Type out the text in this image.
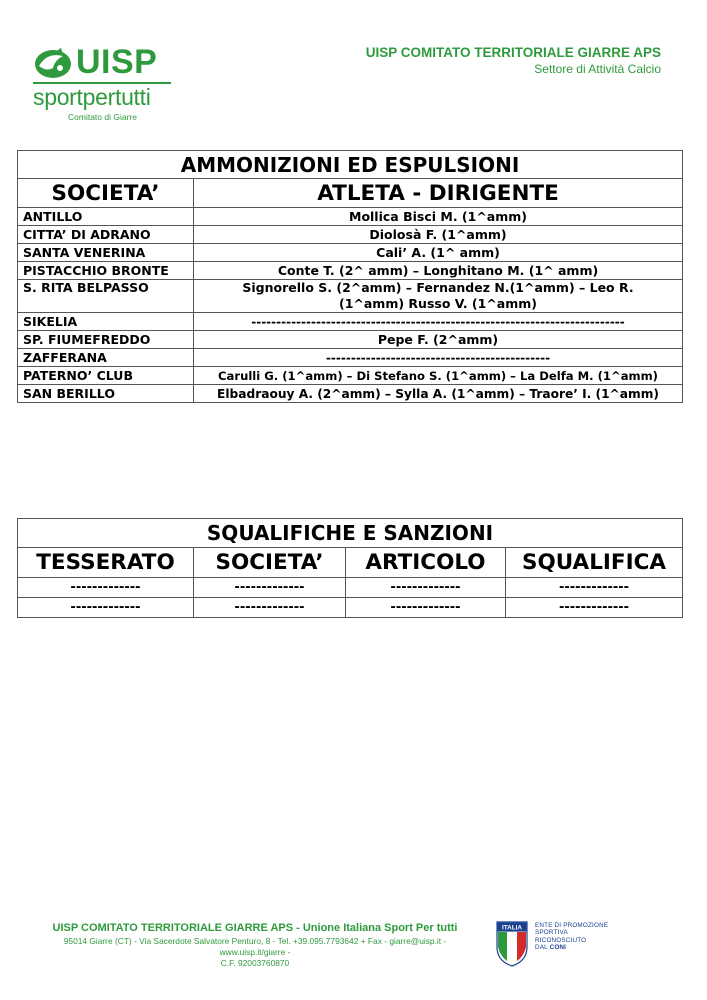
UISP
sportpertutti
Comitato di Giarre
UISP COMITATO TERRITORIALE GIARRE APS
Settore di Attività Calcio
AMMONIZIONI ED ESPULSIONI	
SOCIETA’	ATLETA - DIRIGENTE
ANTILLO	Mollica Bisci M. (1^amm)
CITTA’ DI ADRANO	Diolosà F. (1^amm)
SANTA VENERINA	Cali’ A. (1^ amm)
PISTACCHIO BRONTE	Conte T. (2^ amm) – Longhitano M. (1^ amm)
S. RITA BELPASSO	Signorello S. (2^amm) – Fernandez N.(1^amm) – Leo R. (1^amm) Russo V. (1^amm)
SIKELIA	---------------------------------------------------------------------------
SP. FIUMEFREDDO	Pepe F. (2^amm)
ZAFFERANA	---------------------------------------------
PATERNO’ CLUB	Carulli G. (1^amm) – Di Stefano S. (1^amm) – La Delfa M. (1^amm)
SAN BERILLO	Elbadraouy A. (2^amm) – Sylla A. (1^amm) – Traore’ I. (1^amm)
SQUALIFICHE E SANZIONI			
TESSERATO	SOCIETA’	ARTICOLO	SQUALIFICA
-------------	-------------	-------------	-------------
-------------	-------------	-------------	-------------
UISP COMITATO TERRITORIALE GIARRE APS - Unione Italiana Sport Per tutti
95014 Giarre (CT) - Via Sacerdote Salvatore Penturo, 8 - Tel. +39.095.7793642 + Fax - giarre@uisp.it - www.uisp.it/giarre -
C.F. 92003760870
ITALIA ENTE DI PROMOZIONE
SPORTIVA
RICONOSCIUTO
DAL CONI
